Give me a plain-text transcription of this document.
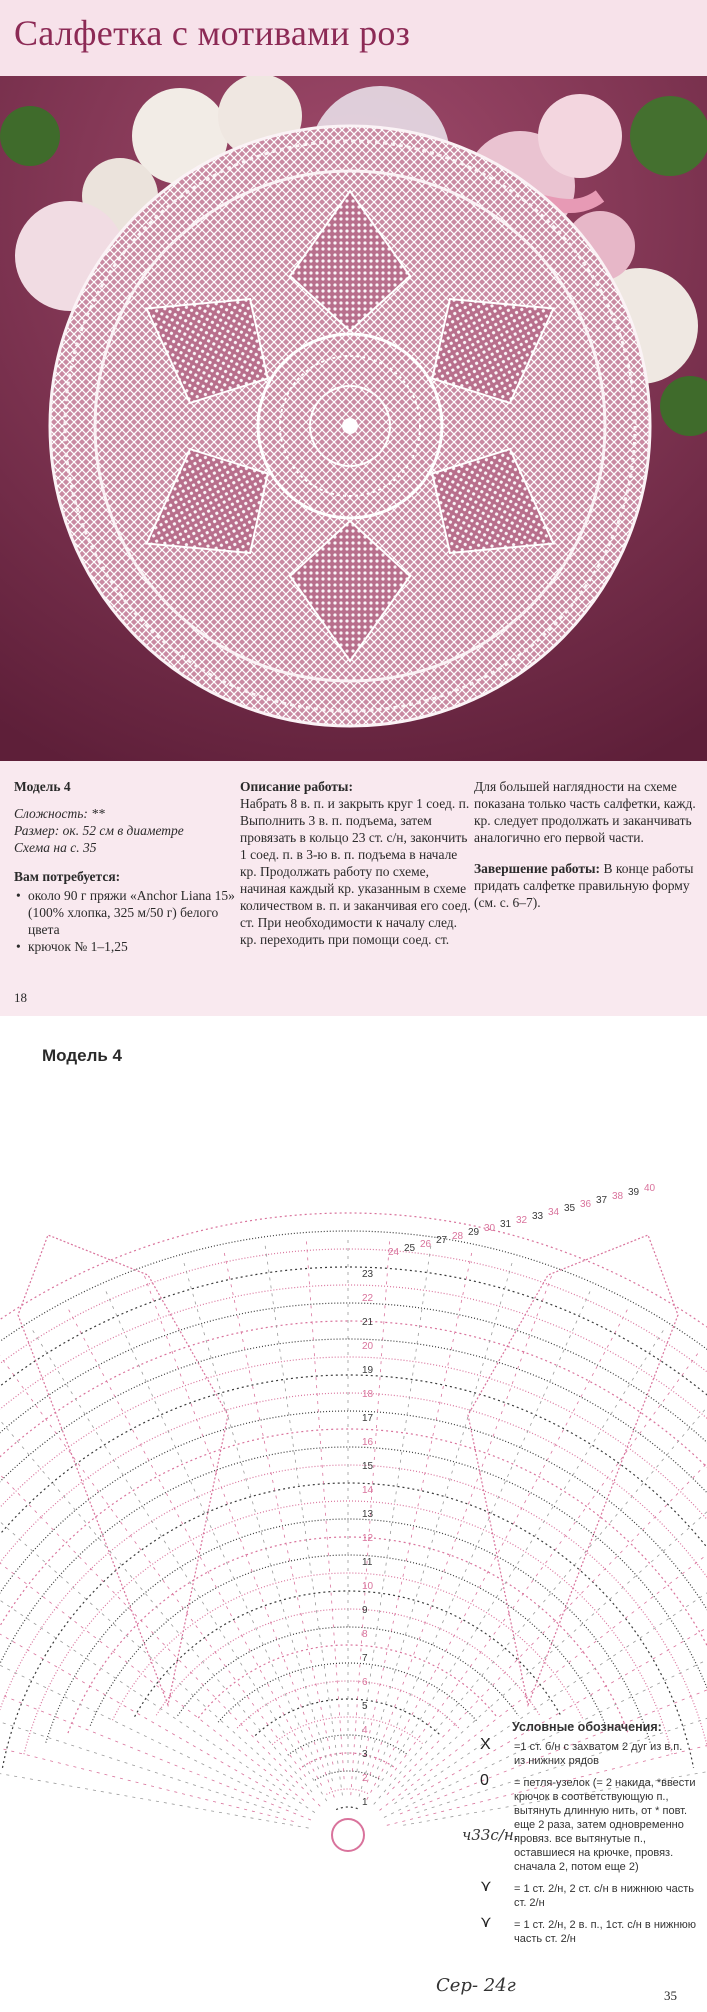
Салфетка с мотивами роз
Модель 4
Сложность: **
Размер: ок. 52 см в диаметре
Схема на с. 35
Вам потребуется:
• около 90 г пряжи «Anchor Liana 15» (100% хлопка, 325 м/50 г) белого цвета
• крючок № 1–1,25
Описание работы:
Набрать 8 в. п. и закрыть круг 1 соед. п. Выполнить 3 в. п. подъема, затем провязать в кольцо 23 ст. с/н, закончить 1 соед. п. в 3-ю в. п. подъема в начале кр. Продолжать работу по схеме, начиная каждый кр. указанным в схеме количеством в. п. и заканчивая его соед. ст. При необходимости к началу след. кр. переходить при помощи соед. ст.
Для большей наглядности на схеме показана только часть салфетки, кажд. кр. следует продолжать и заканчивать аналогично его первой части.
Завершение работы: В конце работы придать салфетке правильную форму (см. с. 6–7).
18
Модель 4
1
2
3
4
5
6
7
8
9
10
11
12
13
14
15
16
17
18
19
20
21
22
23
24 25 26 27 28 29 30 31 32 33 34 35 36 37 38 39 40
Условные обозначения:
X =1 ст. б/н с захватом 2 дуг из в.п. из нижних рядов
0 = петля-узелок (= 2 накида, *ввести крючок в соответствующую п., вытянуть длинную нить, от * повт. еще 2 раза, затем одновременно провяз. все вытянутые п., оставшиеся на крючке, провяз. сначала 2, потом еще 2)
⋎ = 1 ст. 2/н, 2 ст. с/н в нижнюю часть ст. 2/н
⋎ = 1 ст. 2/н, 2 в. п., 1ст. с/н в нижнюю часть ст. 2/н
ч33с/н.
Сер- 24г	35
